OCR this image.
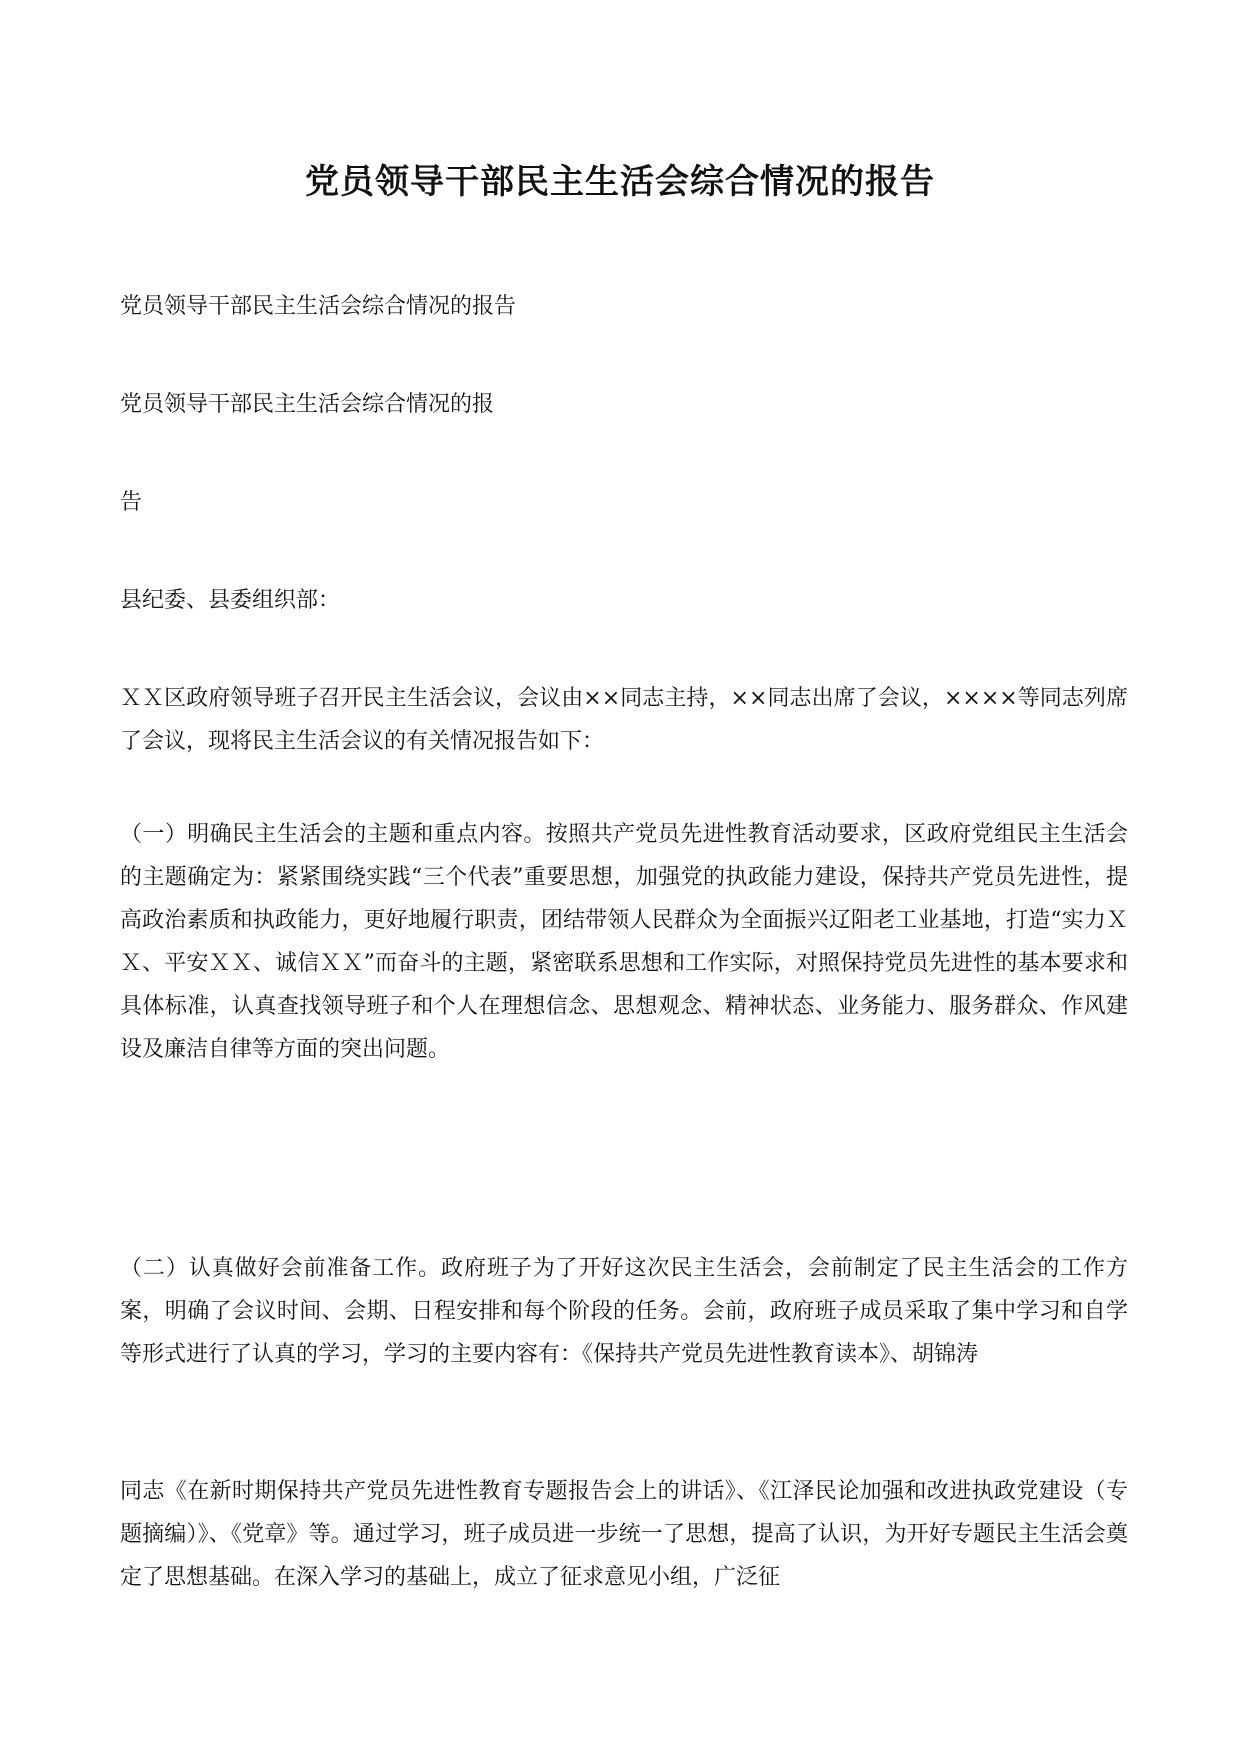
党员领导干部民主生活会综合情况的报告

党员领导干部民主生活会综合情况的报告

党员领导干部民主生活会综合情况的报

告

县纪委、县委组织部：

ＸＸ区政府领导班子召开民主生活会议，会议由××同志主持，××同志出席了会议，××××等同志列席了会议，现将民主生活会议的有关情况报告如下：

（一）明确民主生活会的主题和重点内容。按照共产党员先进性教育活动要求，区政府党组民主生活会的主题确定为：紧紧围绕实践“三个代表”重要思想，加强党的执政能力建设，保持共产党员先进性，提高政治素质和执政能力，更好地履行职责，团结带领人民群众为全面振兴辽阳老工业基地，打造“实力ＸＸ、平安ＸＸ、诚信ＸＸ”而奋斗的主题，紧密联系思想和工作实际，对照保持党员先进性的基本要求和具体标准，认真查找领导班子和个人在理想信念、思想观念、精神状态、业务能力、服务群众、作风建设及廉洁自律等方面的突出问题。

（二）认真做好会前准备工作。政府班子为了开好这次民主生活会，会前制定了民主生活会的工作方案，明确了会议时间、会期、日程安排和每个阶段的任务。会前，政府班子成员采取了集中学习和自学等形式进行了认真的学习，学习的主要内容有：《保持共产党员先进性教育读本》、胡锦涛

同志《在新时期保持共产党员先进性教育专题报告会上的讲话》、《江泽民论加强和改进执政党建设（专题摘编）》、《党章》等。通过学习，班子成员进一步统一了思想，提高了认识，为开好专题民主生活会奠定了思想基础。在深入学习的基础上，成立了征求意见小组，广泛征
